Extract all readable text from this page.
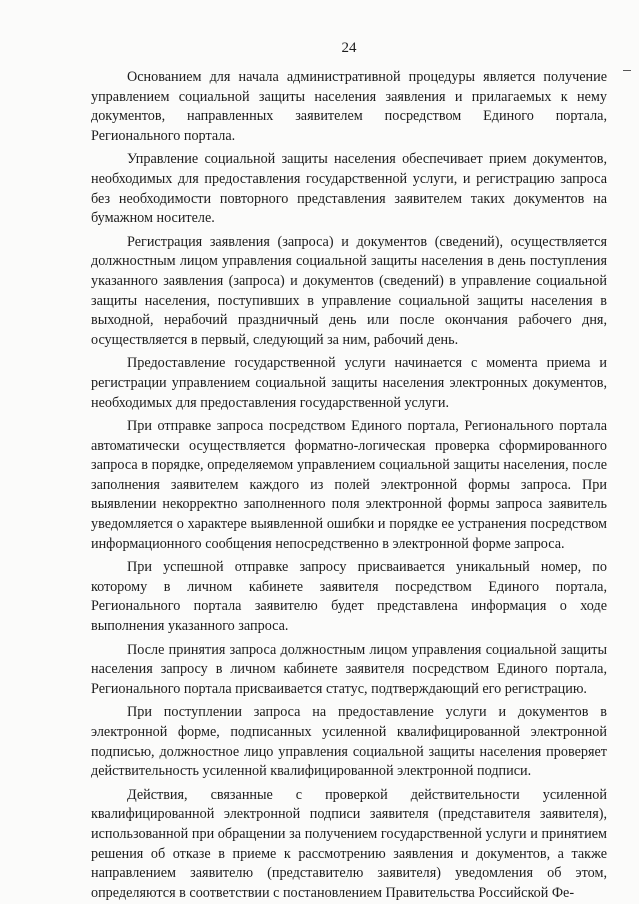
24

Основанием для начала административной процедуры является получение управлением социальной защиты населения заявления и прилагаемых к нему документов, направленных заявителем посредством Единого портала, Регионального портала.

Управление социальной защиты населения обеспечивает прием документов, необходимых для предоставления государственной услуги, и регистрацию запроса без необходимости повторного представления заявителем таких документов на бумажном носителе.

Регистрация заявления (запроса) и документов (сведений), осуществляется должностным лицом управления социальной защиты населения в день поступления указанного заявления (запроса) и документов (сведений) в управление социальной защиты населения, поступивших в управление социальной защиты населения в выходной, нерабочий праздничный день или после окончания рабочего дня, осуществляется в первый, следующий за ним, рабочий день.

Предоставление государственной услуги начинается с момента приема и регистрации управлением социальной защиты населения электронных документов, необходимых для предоставления государственной услуги.

При отправке запроса посредством Единого портала, Регионального портала автоматически осуществляется форматно-логическая проверка сформированного запроса в порядке, определяемом управлением социальной защиты населения, после заполнения заявителем каждого из полей электронной формы запроса. При выявлении некорректно заполненного поля электронной формы запроса заявитель уведомляется о характере выявленной ошибки и порядке ее устранения посредством информационного сообщения непосредственно в электронной форме запроса.

При успешной отправке запросу присваивается уникальный номер, по которому в личном кабинете заявителя посредством Единого портала, Регионального портала заявителю будет представлена информация о ходе выполнения указанного запроса.

После принятия запроса должностным лицом управления социальной защиты населения запросу в личном кабинете заявителя посредством Единого портала, Регионального портала присваивается статус, подтверждающий его регистрацию.

При поступлении запроса на предоставление услуги и документов в электронной форме, подписанных усиленной квалифицированной электронной подписью, должностное лицо управления социальной защиты населения проверяет действительность усиленной квалифицированной электронной подписи.

Действия, связанные с проверкой действительности усиленной квалифицированной электронной подписи заявителя (представителя заявителя), использованной при обращении за получением государственной услуги и принятием решения об отказе в приеме к рассмотрению заявления и документов, а также направлением заявителю (представителю заявителя) уведомления об этом, определяются в соответствии с постановлением Правительства Российской Фе-
